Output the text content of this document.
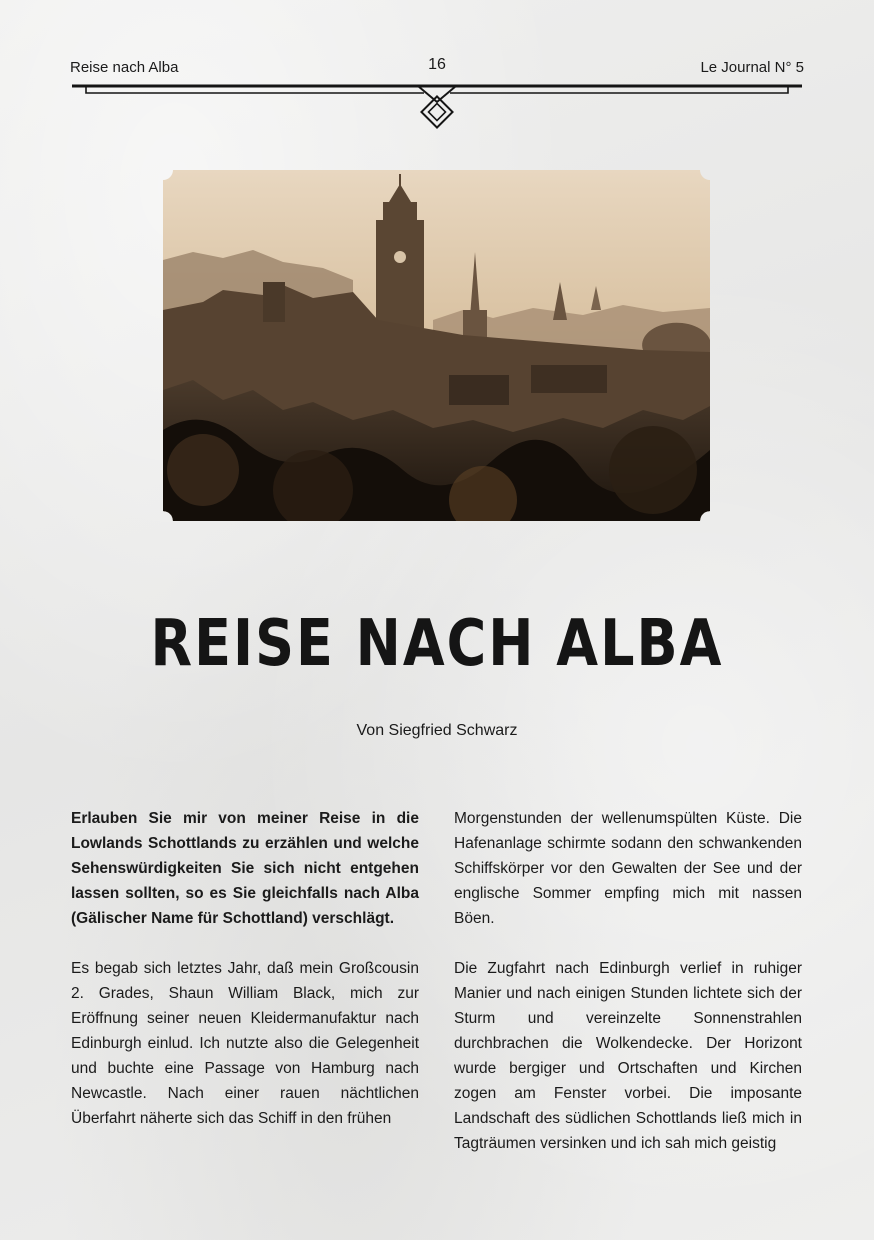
Reise nach Alba	16	Le Journal N° 5
REISE NACH ALBA
Von Siegfried Schwarz

Erlauben Sie mir von meiner Reise in die Lowlands Schottlands zu erzählen und welche Sehenswürdigkeiten Sie sich nicht entgehen lassen sollten, so es Sie gleichfalls nach Alba (Gälischer Name für Schottland) verschlägt.

Es begab sich letztes Jahr, daß mein Großcousin 2. Grades, Shaun William Black, mich zur Eröffnung seiner neuen Kleidermanufaktur nach Edinburgh einlud. Ich nutzte also die Gelegenheit und buchte eine Passage von Hamburg nach Newcastle. Nach einer rauen nächtlichen Überfahrt näherte sich das Schiff in den frühen

Morgenstunden der wellenumspülten Küste. Die Hafenanlage schirmte sodann den schwankenden Schiffskörper vor den Gewalten der See und der englische Sommer empfing mich mit nassen Böen.

Die Zugfahrt nach Edinburgh verlief in ruhiger Manier und nach einigen Stunden lichtete sich der Sturm und vereinzelte Sonnenstrahlen durchbrachen die Wolkendecke. Der Horizont wurde bergiger und Ortschaften und Kirchen zogen am Fenster vorbei. Die imposante Landschaft des südlichen Schottlands ließ mich in Tagträumen versinken und ich sah mich geistig
